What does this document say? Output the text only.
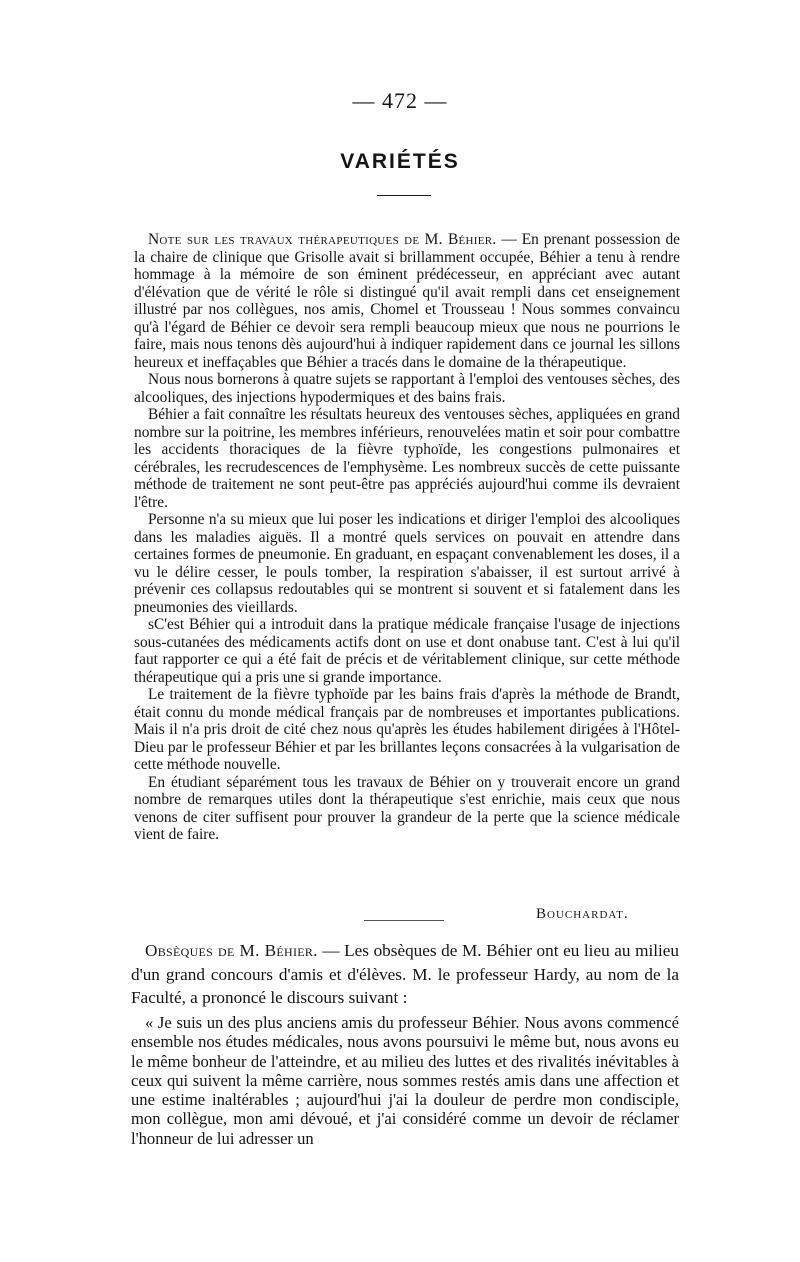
— 472 —
VARIÉTÉS

Note sur les travaux thérapeutiques de M. Béhier. — En prenant possession de la chaire de clinique que Grisolle avait si brillamment occupée, Béhier a tenu à rendre hommage à la mémoire de son éminent prédécesseur, en appréciant avec autant d'élévation que de vérité le rôle si distingué qu'il avait rempli dans cet enseignement illustré par nos collègues, nos amis, Chomel et Trousseau ! Nous sommes convaincu qu'à l'égard de Béhier ce devoir sera rempli beaucoup mieux que nous ne pourrions le faire, mais nous tenons dès aujourd'hui à indiquer rapidement dans ce journal les sillons heureux et ineffaçables que Béhier a tracés dans le domaine de la thérapeutique.

Nous nous bornerons à quatre sujets se rapportant à l'emploi des ventouses sèches, des alcooliques, des injections hypodermiques et des bains frais.

Béhier a fait connaître les résultats heureux des ventouses sèches, appliquées en grand nombre sur la poitrine, les membres inférieurs, renouvelées matin et soir pour combattre les accidents thoraciques de la fièvre typhoïde, les congestions pulmonaires et cérébrales, les recrudescences de l'emphysème. Les nombreux succès de cette puissante méthode de traitement ne sont peut-être pas appréciés aujourd'hui comme ils devraient l'être.

Personne n'a su mieux que lui poser les indications et diriger l'emploi des alcooliques dans les maladies aiguës. Il a montré quels services on pouvait en attendre dans certaines formes de pneumonie. En graduant, en espaçant convenablement les doses, il a vu le délire cesser, le pouls tomber, la respiration s'abaisser, il est surtout arrivé à prévenir ces collapsus redoutables qui se montrent si souvent et si fatalement dans les pneumonies des vieillards.

sC'est Béhier qui a introduit dans la pratique médicale française l'usage de injections sous-cutanées des médicaments actifs dont on use et dont onabuse tant. C'est à lui qu'il faut rapporter ce qui a été fait de précis et de véritablement clinique, sur cette méthode thérapeutique qui a pris une si grande importance.

Le traitement de la fièvre typhoïde par les bains frais d'après la méthode de Brandt, était connu du monde médical français par de nombreuses et importantes publications. Mais il n'a pris droit de cité chez nous qu'après les études habilement dirigées à l'Hôtel-Dieu par le professeur Béhier et par les brillantes leçons consacrées à la vulgarisation de cette méthode nouvelle.

En étudiant séparément tous les travaux de Béhier on y trouverait encore un grand nombre de remarques utiles dont la thérapeutique s'est enrichie, mais ceux que nous venons de citer suffisent pour prouver la grandeur de la perte que la science médicale vient de faire.

Bouchardat.

Obsèques de M. Béhier. — Les obsèques de M. Béhier ont eu lieu au milieu d'un grand concours d'amis et d'élèves. M. le professeur Hardy, au nom de la Faculté, a prononcé le discours suivant :

« Je suis un des plus anciens amis du professeur Béhier. Nous avons commencé ensemble nos études médicales, nous avons poursuivi le même but, nous avons eu le même bonheur de l'atteindre, et au milieu des luttes et des rivalités inévitables à ceux qui suivent la même carrière, nous sommes restés amis dans une affection et une estime inaltérables ; aujourd'hui j'ai la douleur de perdre mon condisciple, mon collègue, mon ami dévoué, et j'ai considéré comme un devoir de réclamer l'honneur de lui adresser un
